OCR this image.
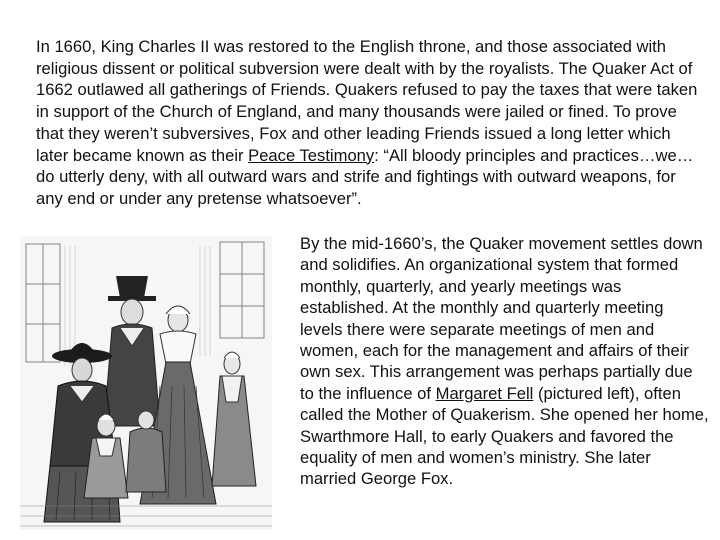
In 1660, King Charles II was restored to the English throne, and those associated with religious dissent or political subversion were dealt with by the royalists. The Quaker Act of 1662 outlawed all gatherings of Friends. Quakers refused to pay the taxes that were taken in support of the Church of England, and many thousands were jailed or fined. To prove that they weren’t subversives, Fox and other leading Friends issued a long letter which later became known as their Peace Testimony: “All bloody principles and practices…we…do utterly deny, with all outward wars and strife and fightings with outward weapons, for any end or under any pretense whatsoever”.

By the mid-1660’s, the Quaker movement settles down and solidifies. An organizational system that formed monthly, quarterly, and yearly meetings was established. At the monthly and quarterly meeting levels there were separate meetings of men and women, each for the management and affairs of their own sex. This arrangement was perhaps partially due to the influence of Margaret Fell (pictured left), often called the Mother of Quakerism. She opened her home, Swarthmore Hall, to early Quakers and favored the equality of men and women’s ministry. She later married George Fox.
